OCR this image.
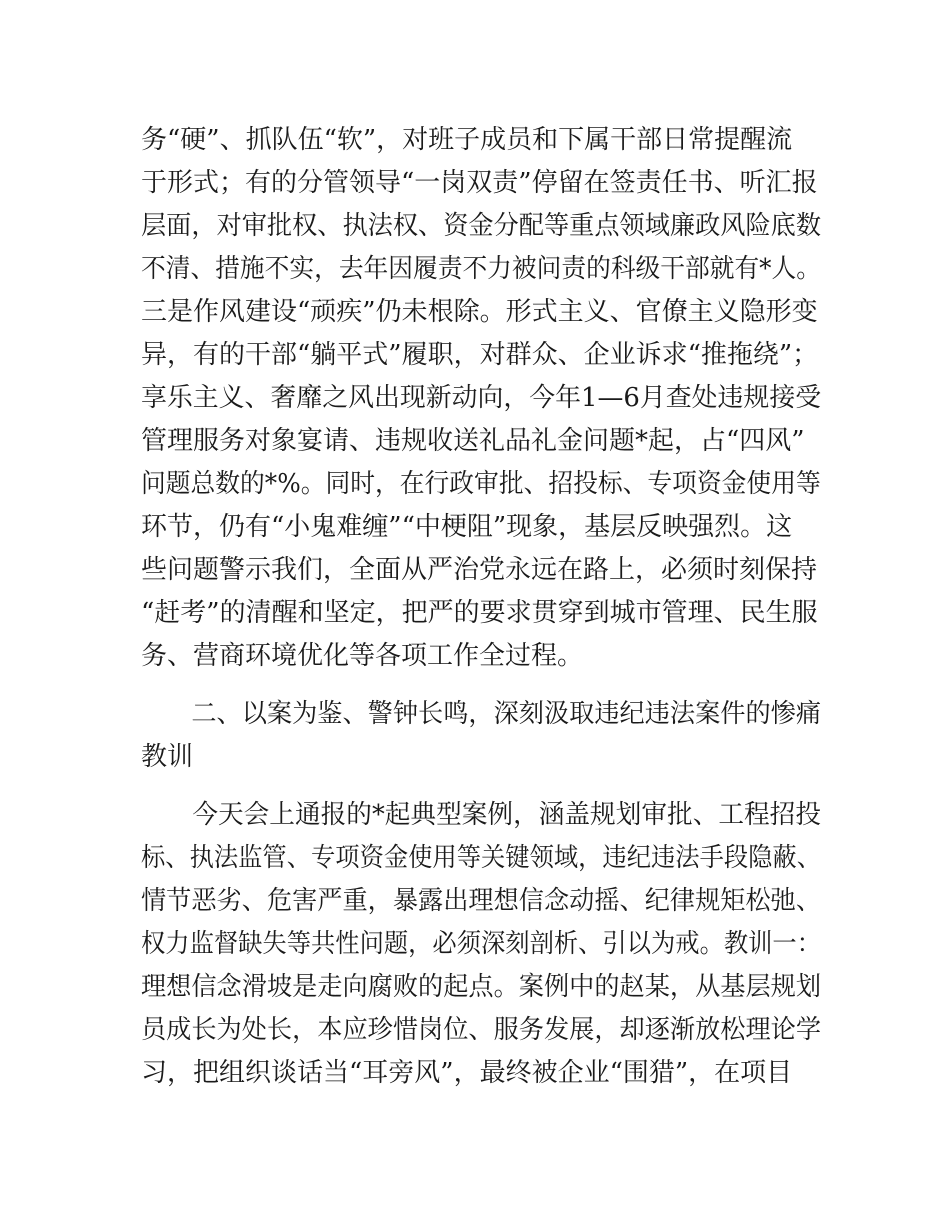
务“硬”、抓队伍“软”，对班子成员和下属干部日常提醒流
于形式；有的分管领导“一岗双责”停留在签责任书、听汇报
层面，对审批权、执法权、资金分配等重点领域廉政风险底数
不清、措施不实，去年因履责不力被问责的科级干部就有*人。
三是作风建设“顽疾”仍未根除。形式主义、官僚主义隐形变
异，有的干部“躺平式”履职，对群众、企业诉求“推拖绕”；
享乐主义、奢靡之风出现新动向，今年1—6月查处违规接受
管理服务对象宴请、违规收送礼品礼金问题*起，占“四风”
问题总数的*%。同时，在行政审批、招投标、专项资金使用等
环节，仍有“小鬼难缠”“中梗阻”现象，基层反映强烈。这
些问题警示我们，全面从严治党永远在路上，必须时刻保持
“赶考”的清醒和坚定，把严的要求贯穿到城市管理、民生服
务、营商环境优化等各项工作全过程。
　　二、以案为鉴、警钟长鸣，深刻汲取违纪违法案件的惨痛
教训
　　今天会上通报的*起典型案例，涵盖规划审批、工程招投
标、执法监管、专项资金使用等关键领域，违纪违法手段隐蔽、
情节恶劣、危害严重，暴露出理想信念动摇、纪律规矩松弛、
权力监督缺失等共性问题，必须深刻剖析、引以为戒。教训一：
理想信念滑坡是走向腐败的起点。案例中的赵某，从基层规划
员成长为处长，本应珍惜岗位、服务发展，却逐渐放松理论学
习，把组织谈话当“耳旁风”，最终被企业“围猎”，在项目
